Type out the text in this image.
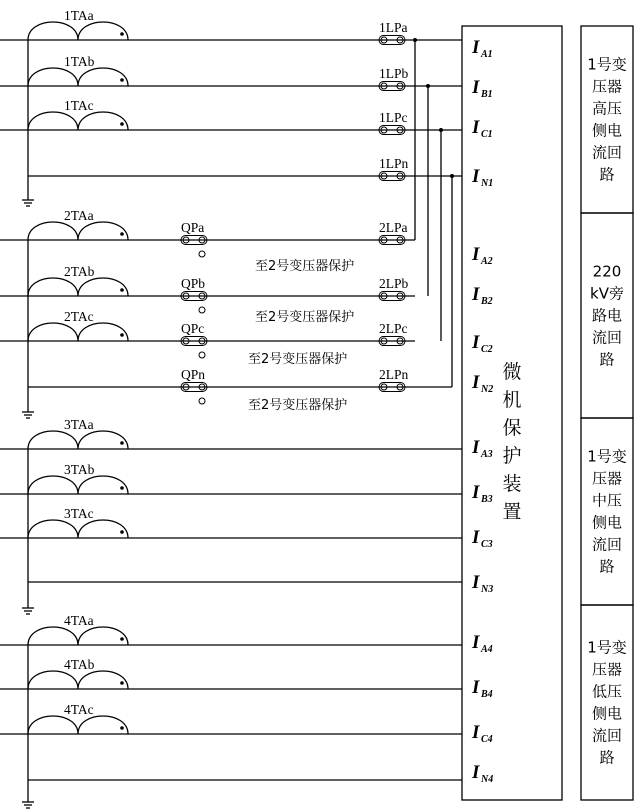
微
机
保
护
装
置
1号变
压器
高压
侧电
流回
路
220
kV旁
路电
流回
路
1号变
压器
中压
侧电
流回
路
1号变
压器
低压
侧电
流回
路
1TAa
1TAb
1TAc
2TAa
2TAb
2TAc
3TAa
3TAb
3TAc
4TAa
4TAb
4TAc
1LPa
1LPb
1LPc
1LPn
QPa
至2号变压器保护
QPb
至2号变压器保护
QPc
至2号变压器保护
QPn
至2号变压器保护
2LPa
2LPb
2LPc
2LPn
I A1
I B1
I C1
I N1
I A2
I B2
I C2
I N2
I A3
I B3
I C3
I N3
I A4
I B4
I C4
I N4
